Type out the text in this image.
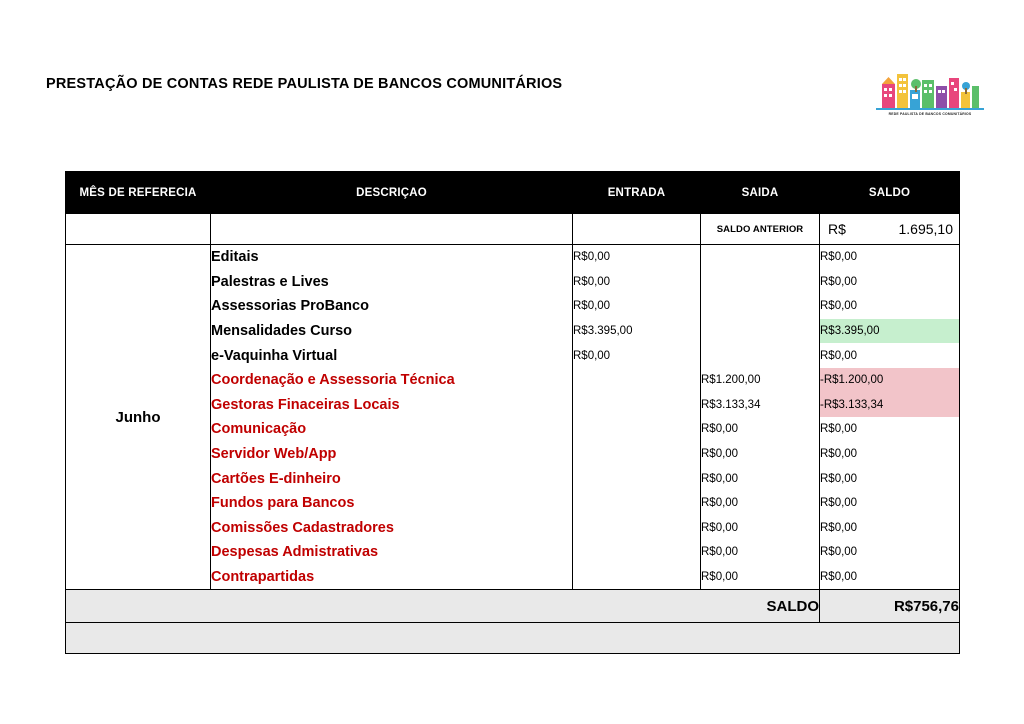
PRESTAÇÃO DE CONTAS REDE PAULISTA DE BANCOS COMUNITÁRIOS
REDE PAULISTA DE BANCOS COMUNITÁRIOS
MÊS DE REFERECIA	DESCRIÇAO	ENTRADA	SAIDA	SALDO
			SALDO ANTERIOR	R$ 1.695,10

Junho	Editais	R$0,00		R$0,00
	Palestras e Lives	R$0,00		R$0,00
	Assessorias ProBanco	R$0,00		R$0,00
	Mensalidades Curso	R$3.395,00		R$3.395,00
	e-Vaquinha Virtual	R$0,00		R$0,00
	Coordenação e Assessoria Técnica		R$1.200,00	-R$1.200,00
	Gestoras Finaceiras Locais		R$3.133,34	-R$3.133,34
	Comunicação		R$0,00	R$0,00
	Servidor Web/App		R$0,00	R$0,00
	Cartões E-dinheiro		R$0,00	R$0,00
	Fundos para Bancos		R$0,00	R$0,00
	Comissões Cadastradores		R$0,00	R$0,00
	Despesas Admistrativas		R$0,00	R$0,00
	Contrapartidas		R$0,00	R$0,00
SALDO				R$756,76
